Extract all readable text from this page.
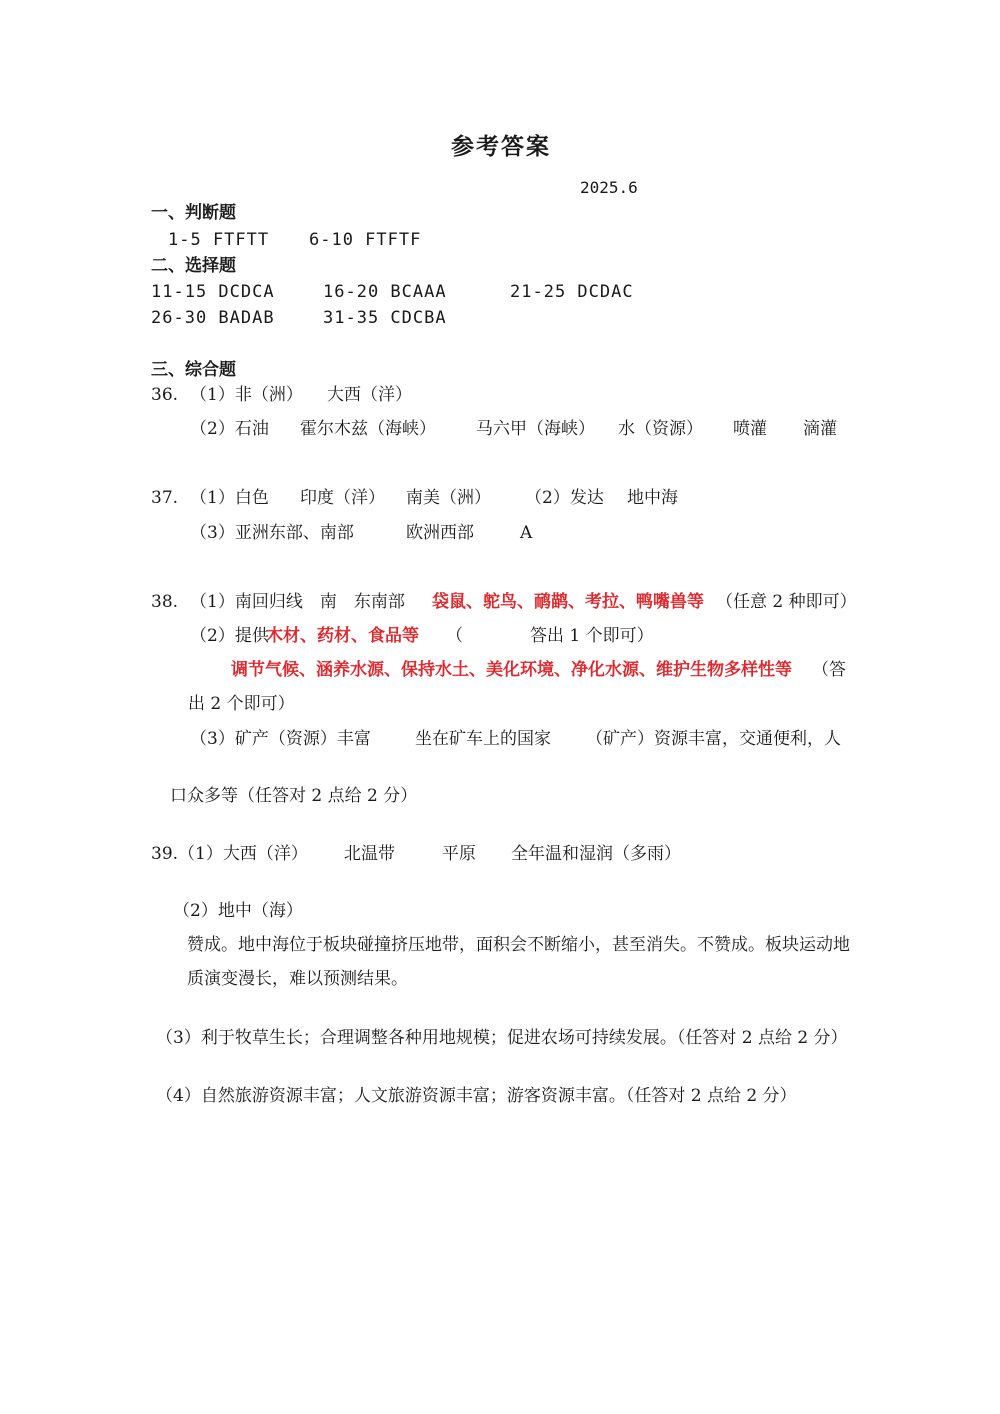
参考答案
2025.6
一、判断题
1-5 FTFTT 6-10 FTFTF
二、选择题
11-15 DCDCA	16-20 BCAAA	21-25 DCDAC
26-30 BADAB	31-35 CDCBA
三、综合题
36. （1）非（洲） 大西（洋）
（2）石油 霍尔木兹（海峡） 马六甲（海峡） 水（资源） 喷灌 滴灌
37. （1）白色 印度（洋） 南美（洲） （2）发达 地中海
（3）亚洲东部、南部	欧洲西部	A
38. （1）南回归线　南　东南部 袋鼠、鸵鸟、鸸鹋、考拉、鸭嘴兽等 （任意 2 种即可）
（2）提供
木材、药材、食品等 （	答出 1 个即可）
调节气候、涵养水源、保持水土、美化环境、净化水源、维护生物多样性等 （答
出 2 个即可）
（3）矿产（资源）丰富	坐在矿车上的国家 （矿产）资源丰富，交通便利，人
口众多等（任答对 2 点给 2 分）
39.（1）大西（洋） 北温带	平原 全年温和湿润（多雨）
（2）地中（海）
赞成。地中海位于板块碰撞挤压地带，面积会不断缩小，甚至消失。不赞成。板块运动地质演变漫长，难以预测结果。
（3）利于牧草生长；合理调整各种用地规模；促进农场可持续发展。（任答对 2 点给 2 分）
（4）自然旅游资源丰富；人文旅游资源丰富；游客资源丰富。（任答对 2 点给 2 分）
